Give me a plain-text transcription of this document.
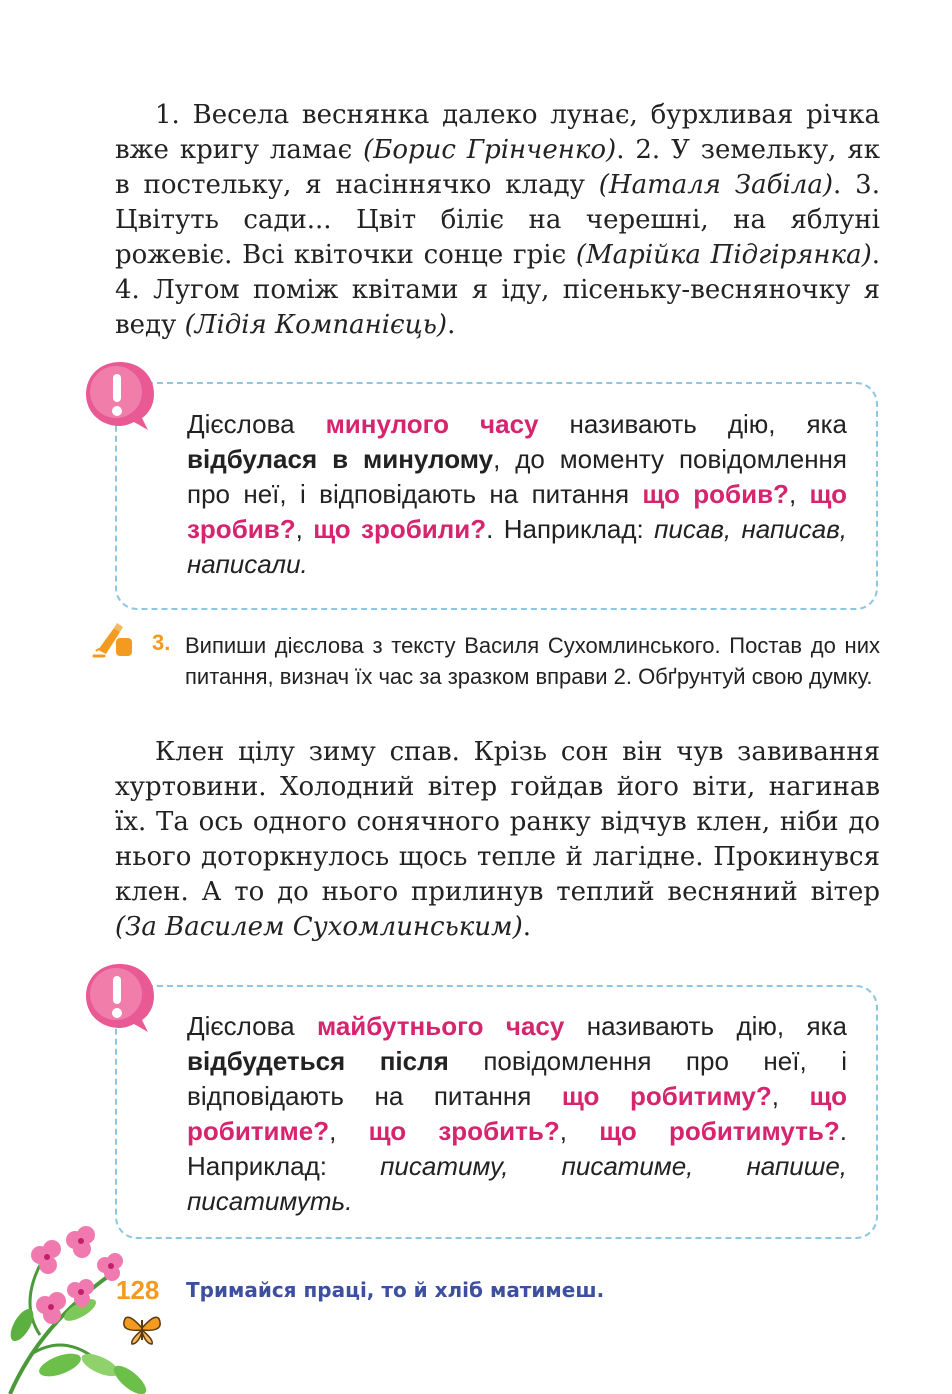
1. Весела веснянка далеко лунає, бурхливая річка вже кригу ламає (Борис Грінченко). 2. У земельку, як в постельку, я насіннячко кладу (Наталя Забіла). 3. Цвітуть сади... Цвіт біліє на черешні, на яблуні рожевіє. Всі квіточки сонце гріє (Марійка Підгірянка). 4. Лугом поміж квітами я іду, пісеньку-весняночку я веду (Лідія Компанієць).

Дієслова минулого часу називають дію, яка відбулася в минулому, до моменту повідомлення про неї, і відповідають на питання що робив?, що зробив?, що зробили?. Наприклад: писав, написав, написали.

3. Випиши дієслова з тексту Василя Сухомлинського. Постав до них питання, визнач їх час за зразком вправи 2. Обґрунтуй свою думку.

Клен цілу зиму спав. Крізь сон він чув завивання хуртовини. Холодний вітер гойдав його віти, нагинав їх. Та ось одного сонячного ранку відчув клен, ніби до нього доторкнулось щось тепле й лагідне. Прокинувся клен. А то до нього прилинув теплий весняний вітер (За Василем Сухомлинським).

Дієслова майбутнього часу називають дію, яка відбудеться після повідомлення про неї, і відповідають на питання що робитиму?, що робитиме?, що зробить?, що робитимуть?. Наприклад: писатиму, писатиме, напише, писатимуть.

128 Тримайся праці, то й хліб матимеш.
